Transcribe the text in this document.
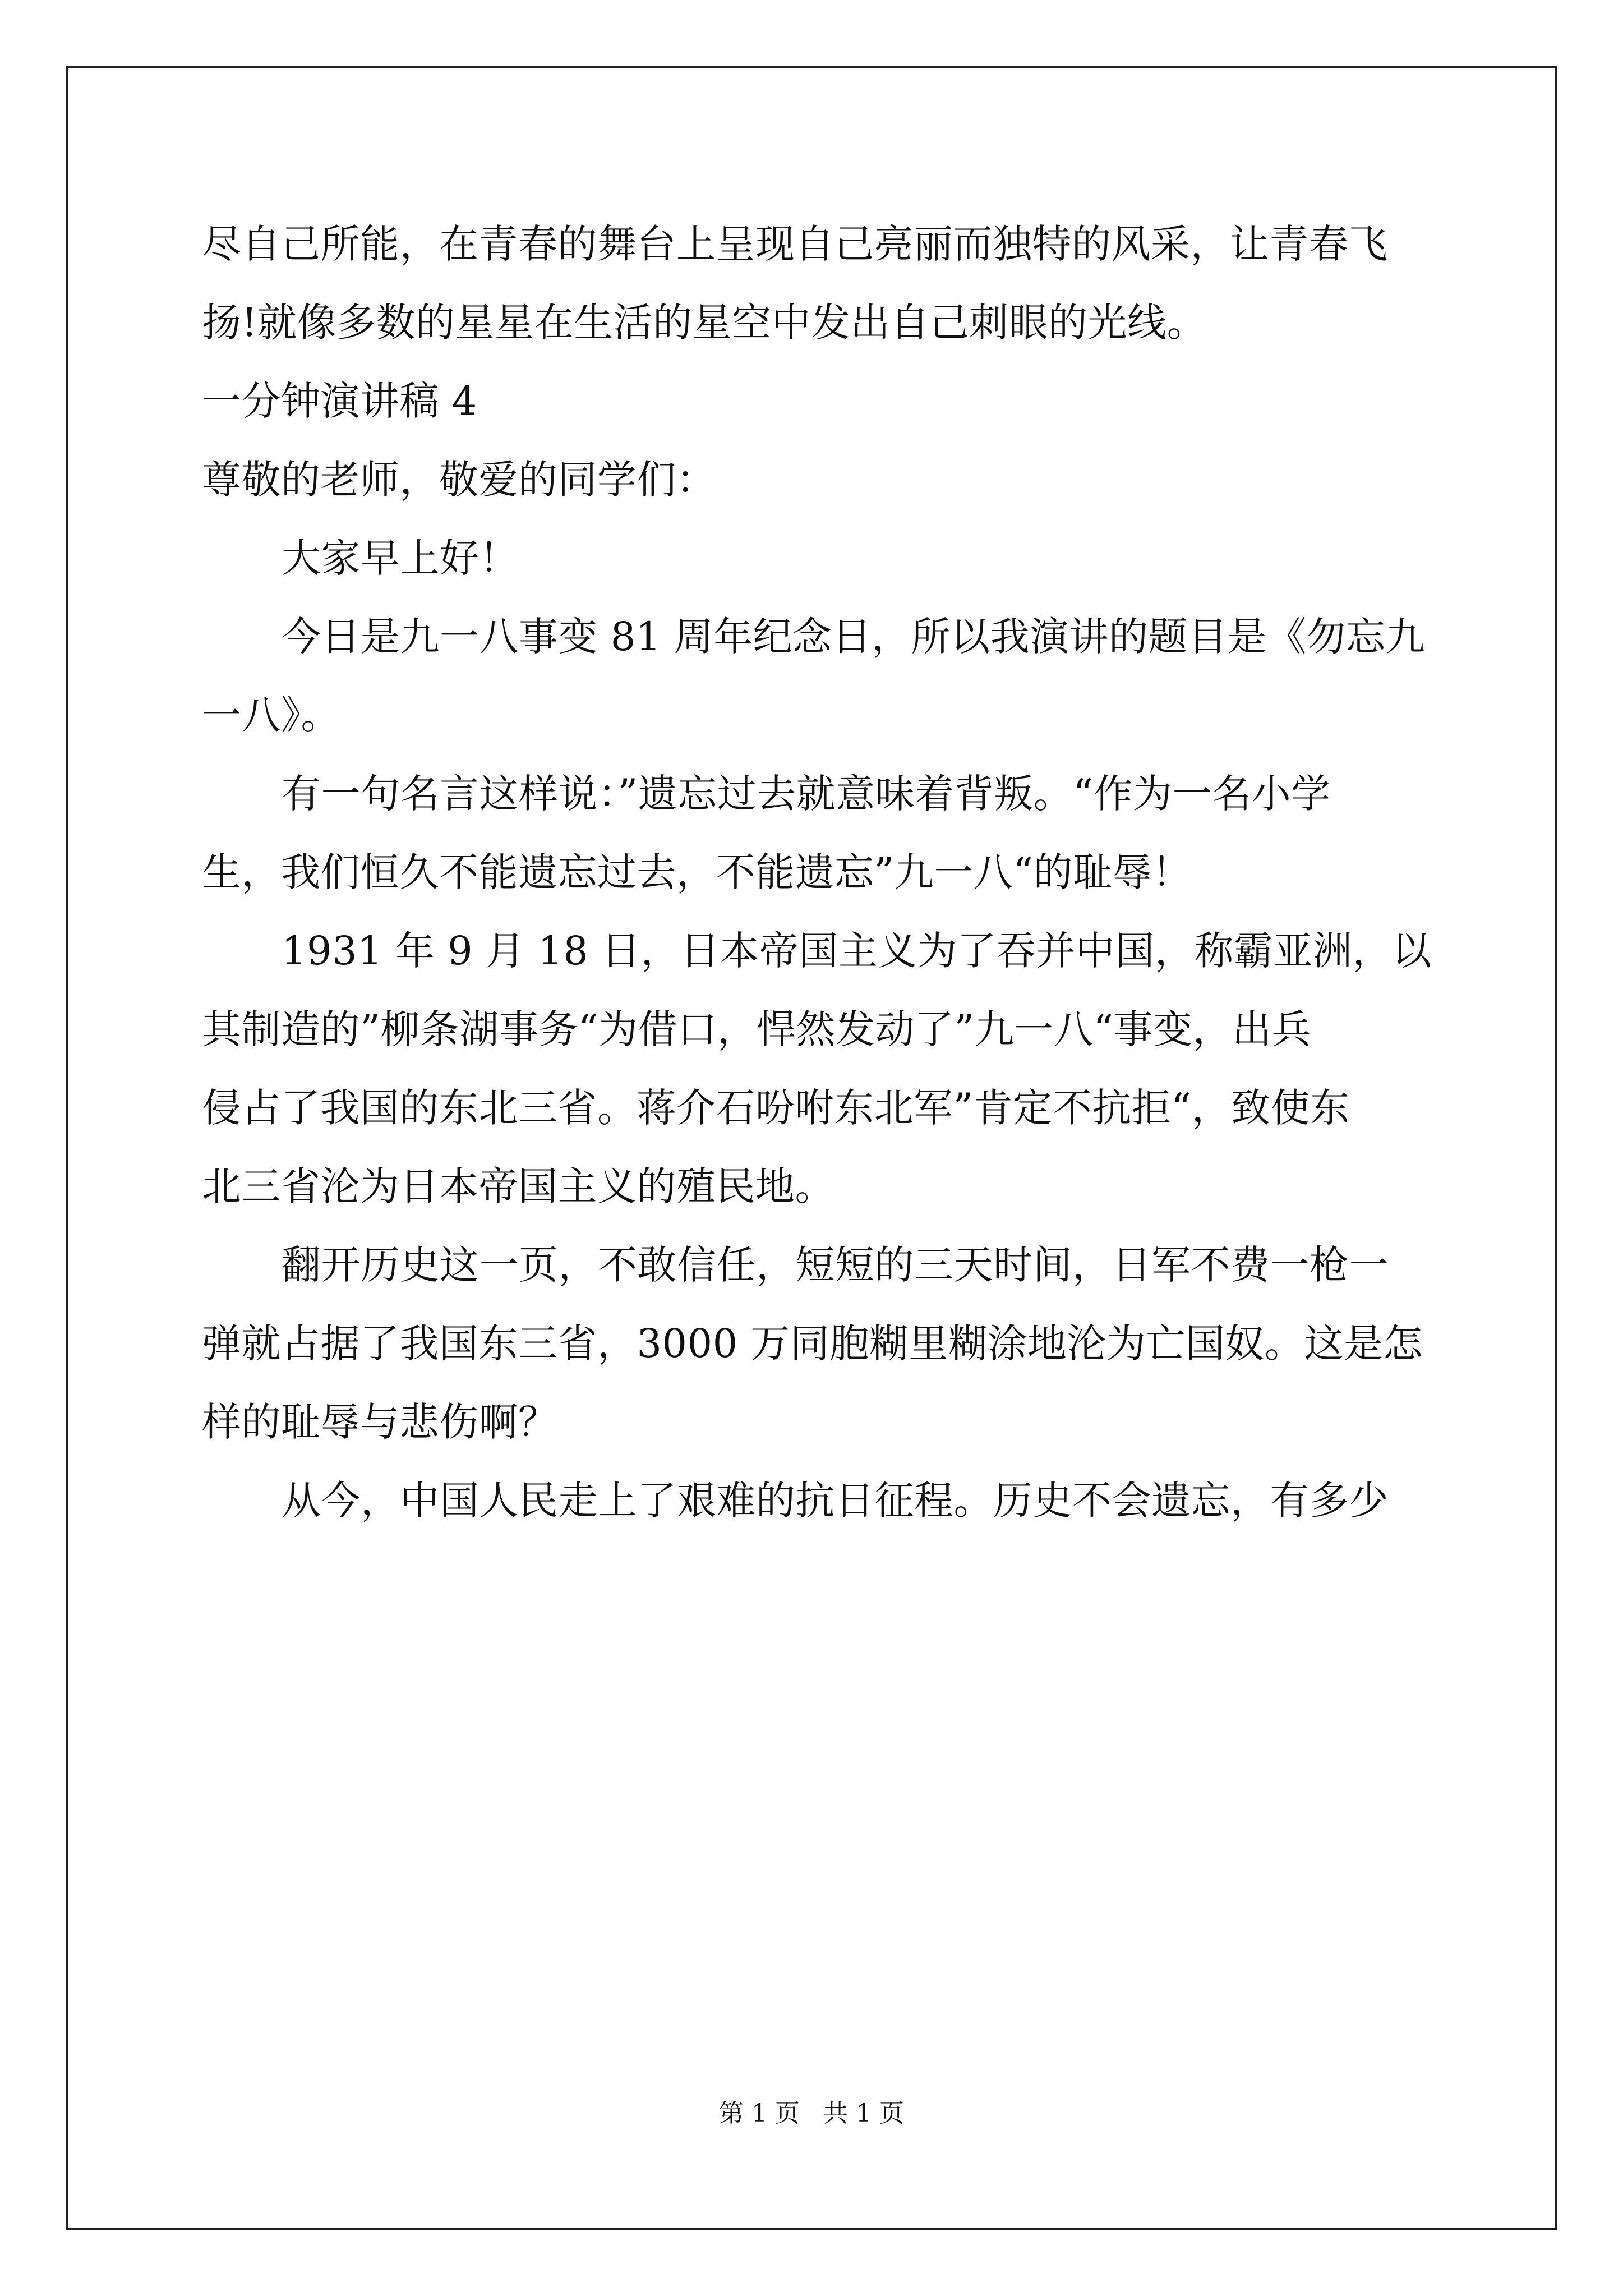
尽自己所能，在青春的舞台上呈现自己亮丽而独特的风采，让青春飞
扬!就像多数的星星在生活的星空中发出自己刺眼的光线。
一分钟演讲稿 4
尊敬的老师，敬爱的同学们：
大家早上好！
今日是九一八事变 81 周年纪念日，所以我演讲的题目是《勿忘九
一八》。
有一句名言这样说：”遗忘过去就意味着背叛。“作为一名小学
生，我们恒久不能遗忘过去，不能遗忘”九一八“的耻辱！
1931 年 9 月 18 日，日本帝国主义为了吞并中国，称霸亚洲，以
其制造的”柳条湖事务“为借口，悍然发动了”九一八“事变，出兵
侵占了我国的东北三省。蒋介石吩咐东北军”肯定不抗拒“，致使东
北三省沦为日本帝国主义的殖民地。
翻开历史这一页，不敢信任，短短的三天时间，日军不费一枪一
弹就占据了我国东三省，3000 万同胞糊里糊涂地沦为亡国奴。这是怎
样的耻辱与悲伤啊？
从今，中国人民走上了艰难的抗日征程。历史不会遗忘，有多少
第 1 页 共 1 页
